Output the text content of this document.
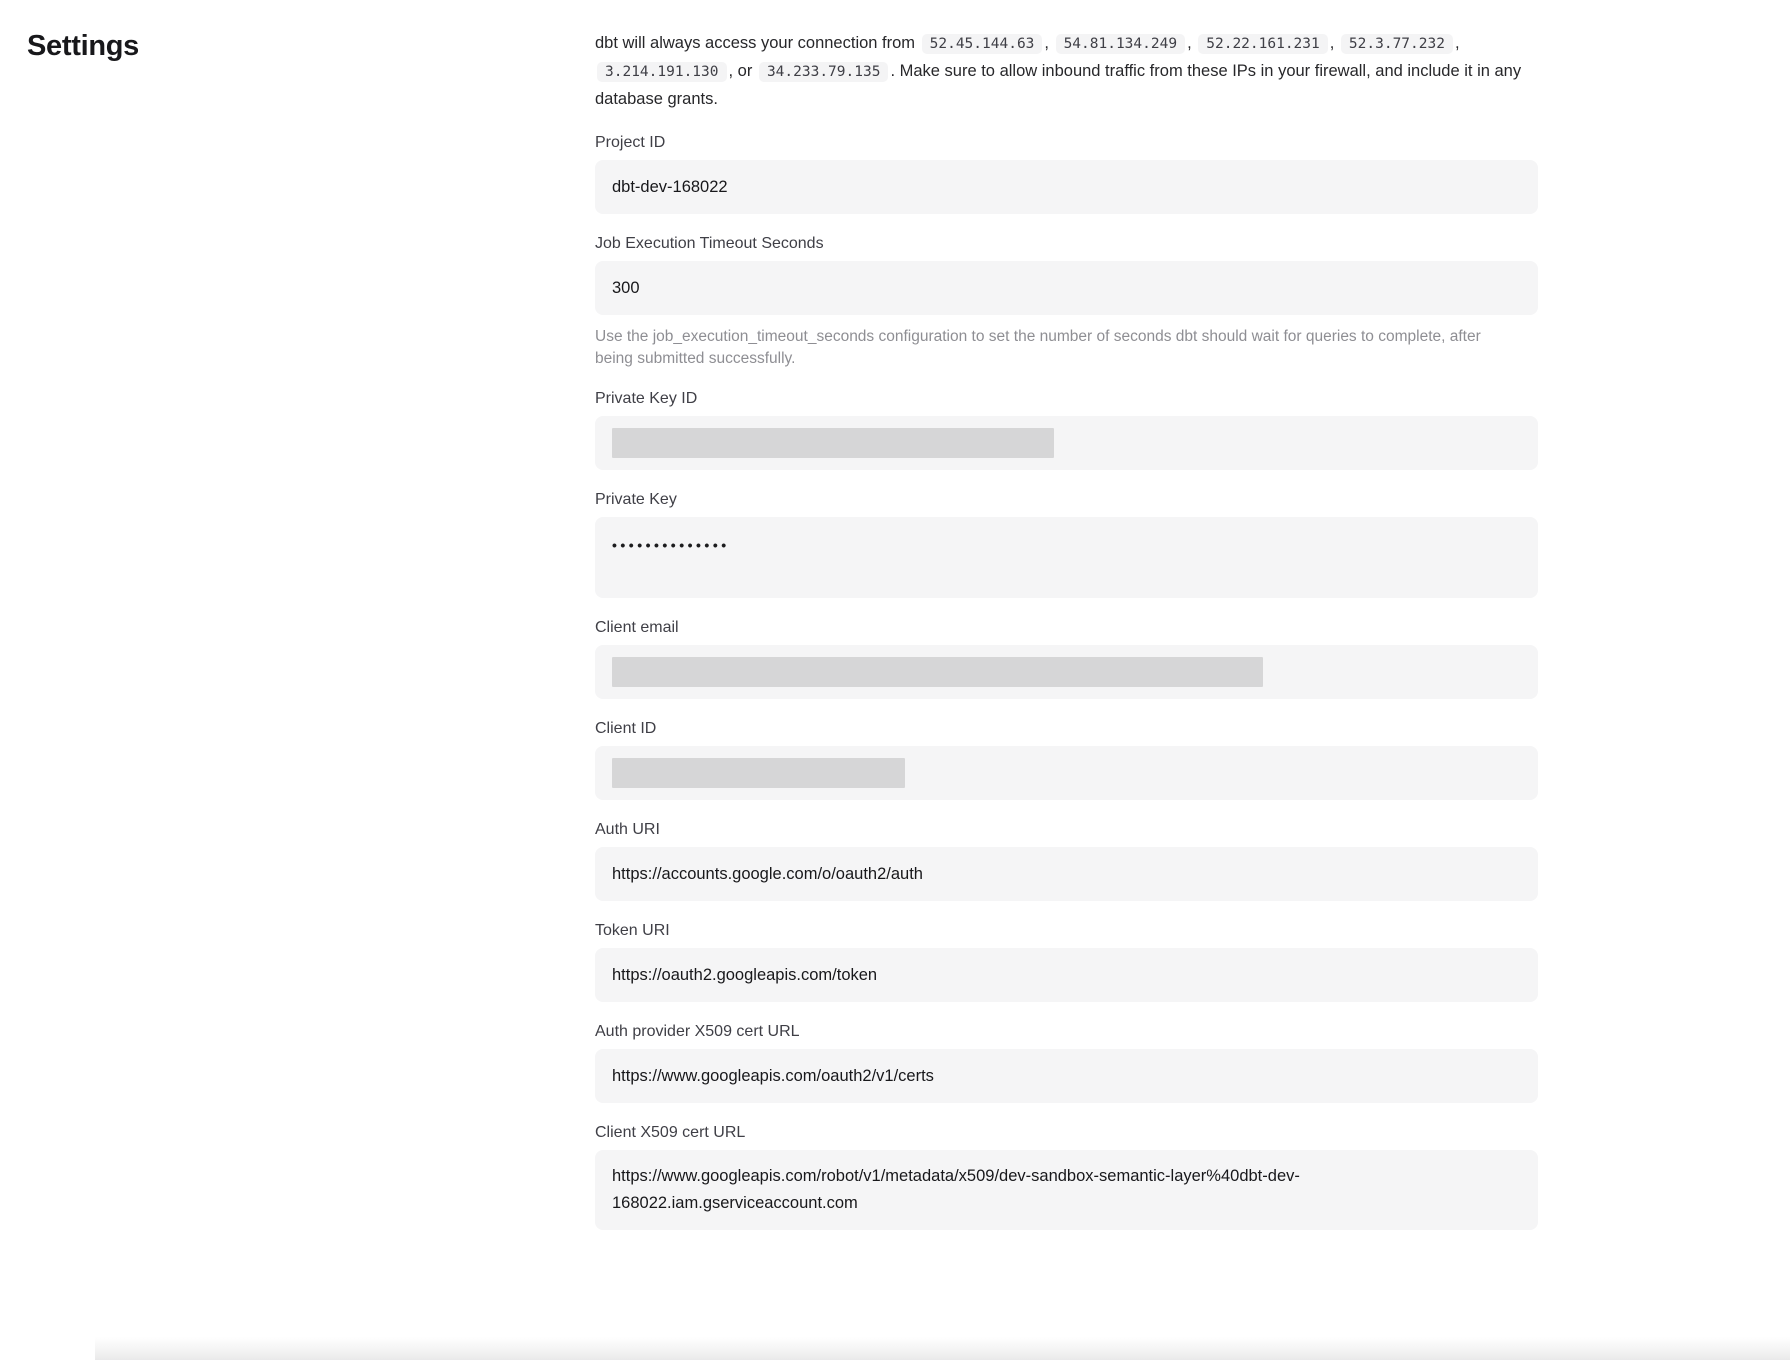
Settings	dbt will always access your connection from 52.45.144.63 , 54.81.134.249 , 52.22.161.231 , 52.3.77.232 , 3.214.191.130 , or 34.233.79.135 . Make sure to allow inbound traffic from these IPs in your firewall, and include it in any database grants.

Project ID
dbt-dev-168022
Job Execution Timeout Seconds
300
Use the job_execution_timeout_seconds configuration to set the number of seconds dbt should wait for queries to complete, after being submitted successfully.
Private Key ID
Private Key
••••••••••••••
Client email
Client ID
Auth URI
https://accounts.google.com/o/oauth2/auth
Token URI
https://oauth2.googleapis.com/token
Auth provider X509 cert URL
https://www.googleapis.com/oauth2/v1/certs
Client X509 cert URL
https://www.googleapis.com/robot/v1/metadata/x509/dev-sandbox-semantic-layer%40dbt-dev-168022.iam.gserviceaccount.com
